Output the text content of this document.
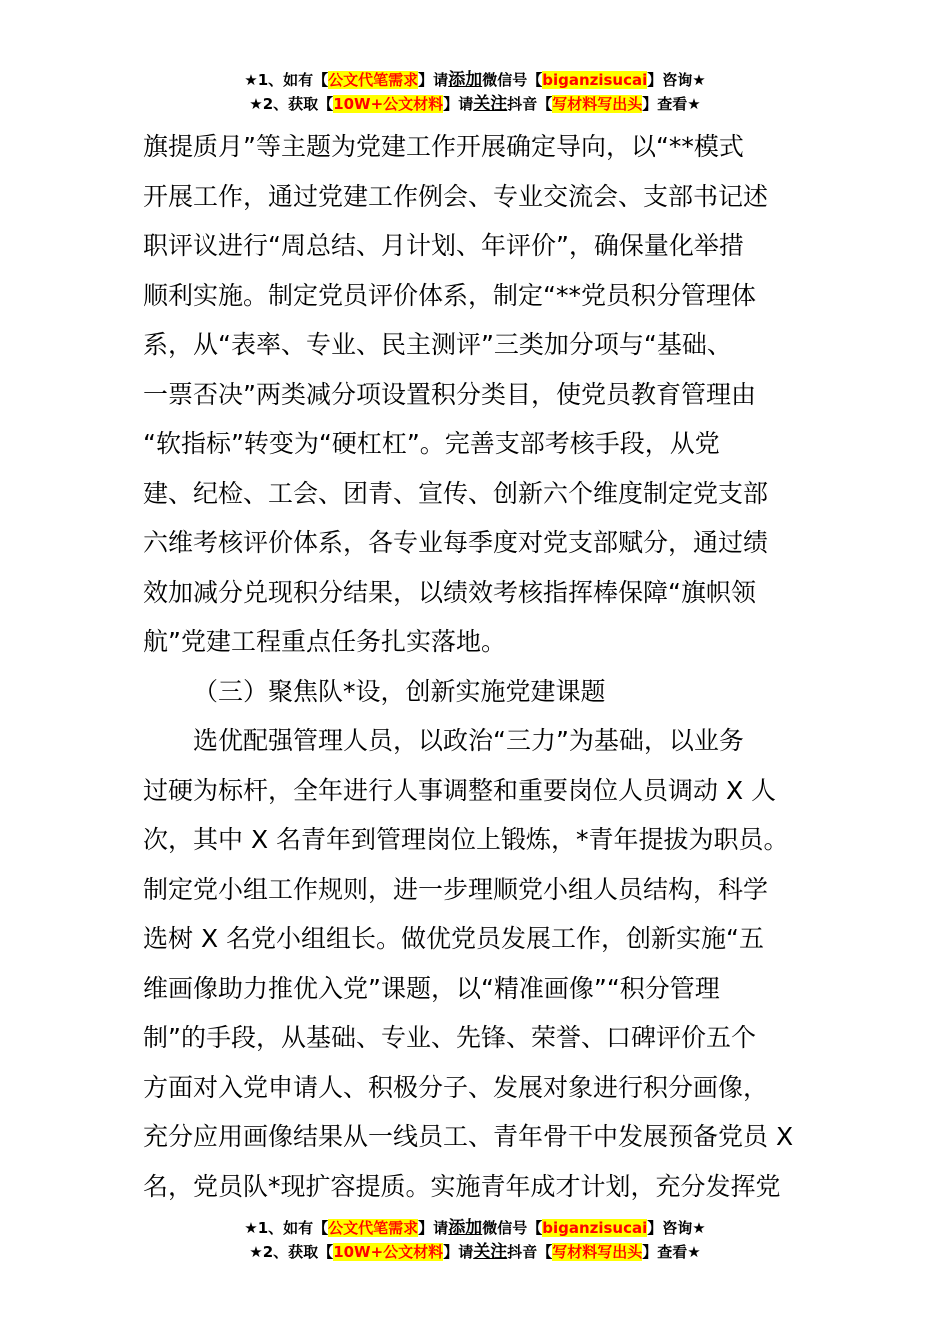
★1、如有【公文代笔需求】请添加微信号【biganzisucai】咨询★
★2、获取【10W+公文材料】请关注抖音【写材料写出头】查看★
旗提质月”等主题为党建工作开展确定导向，以“**模式
开展工作，通过党建工作例会、专业交流会、支部书记述
职评议进行“周总结、月计划、年评价”，确保量化举措
顺利实施。制定党员评价体系，制定“**党员积分管理体
系，从“表率、专业、民主测评”三类加分项与“基础、
一票否决”两类减分项设置积分类目，使党员教育管理由
“软指标”转变为“硬杠杠”。完善支部考核手段，从党
建、纪检、工会、团青、宣传、创新六个维度制定党支部
六维考核评价体系，各专业每季度对党支部赋分，通过绩
效加减分兑现积分结果，以绩效考核指挥棒保障“旗帜领
航”党建工程重点任务扎实落地。
（三）聚焦队*设，创新实施党建课题
选优配强管理人员，以政治“三力”为基础，以业务
过硬为标杆，全年进行人事调整和重要岗位人员调动 X 人
次，其中 X 名青年到管理岗位上锻炼，*青年提拔为职员。
制定党小组工作规则，进一步理顺党小组人员结构，科学
选树 X 名党小组组长。做优党员发展工作，创新实施“五
维画像助力推优入党”课题，以“精准画像”“积分管理
制”的手段，从基础、专业、先锋、荣誉、口碑评价五个
方面对入党申请人、积极分子、发展对象进行积分画像，
充分应用画像结果从一线员工、青年骨干中发展预备党员 X
名，党员队*现扩容提质。实施青年成才计划，充分发挥党
★1、如有【公文代笔需求】请添加微信号【biganzisucai】咨询★
★2、获取【10W+公文材料】请关注抖音【写材料写出头】查看★
